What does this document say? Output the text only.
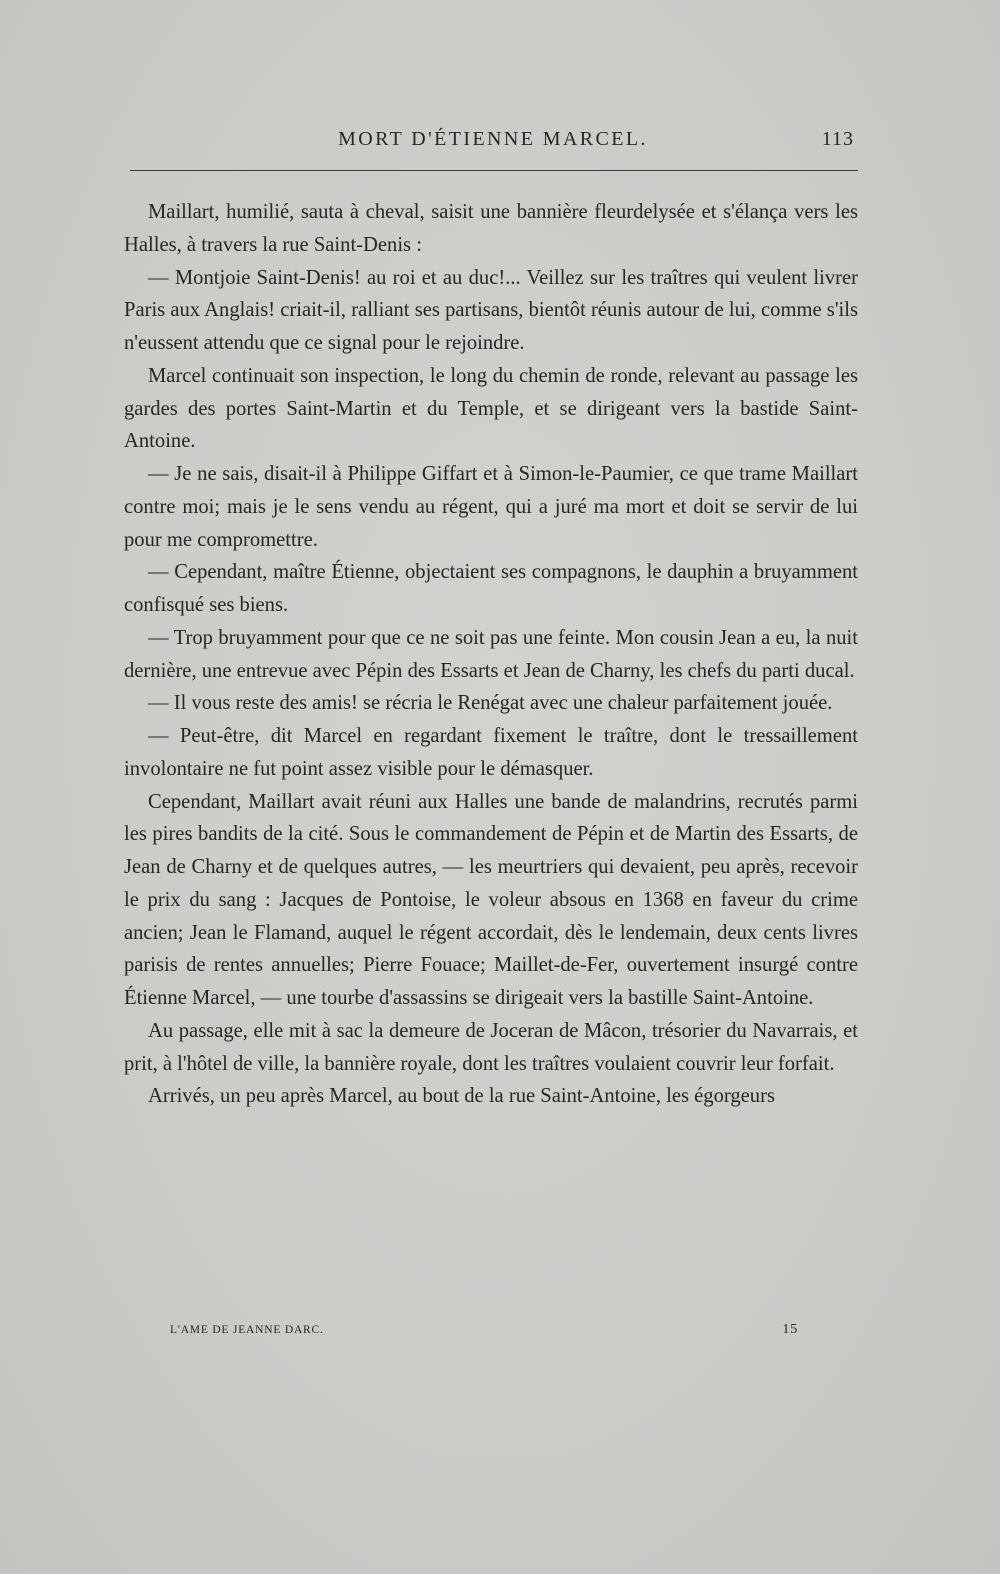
MORT D'ÉTIENNE MARCEL.	113

Maillart, humilié, sauta à cheval, saisit une bannière fleurdelysée et s'élança vers les Halles, à travers la rue Saint-Denis :

— Montjoie Saint-Denis! au roi et au duc!... Veillez sur les traîtres qui veulent livrer Paris aux Anglais! criait-il, ralliant ses partisans, bientôt réunis autour de lui, comme s'ils n'eussent attendu que ce signal pour le rejoindre.

Marcel continuait son inspection, le long du chemin de ronde, relevant au passage les gardes des portes Saint-Martin et du Temple, et se dirigeant vers la bastide Saint-Antoine.

— Je ne sais, disait-il à Philippe Giffart et à Simon-le-Paumier, ce que trame Maillart contre moi; mais je le sens vendu au régent, qui a juré ma mort et doit se servir de lui pour me compromettre.

— Cependant, maître Étienne, objectaient ses compagnons, le dauphin a bruyamment confisqué ses biens.

— Trop bruyamment pour que ce ne soit pas une feinte. Mon cousin Jean a eu, la nuit dernière, une entrevue avec Pépin des Essarts et Jean de Charny, les chefs du parti ducal.

— Il vous reste des amis! se récria le Renégat avec une chaleur parfaitement jouée.

— Peut-être, dit Marcel en regardant fixement le traître, dont le tressaillement involontaire ne fut point assez visible pour le démasquer.

Cependant, Maillart avait réuni aux Halles une bande de malandrins, recrutés parmi les pires bandits de la cité. Sous le commandement de Pépin et de Martin des Essarts, de Jean de Charny et de quelques autres, — les meurtriers qui devaient, peu après, recevoir le prix du sang : Jacques de Pontoise, le voleur absous en 1368 en faveur du crime ancien; Jean le Flamand, auquel le régent accordait, dès le lendemain, deux cents livres parisis de rentes annuelles; Pierre Fouace; Maillet-de-Fer, ouvertement insurgé contre Étienne Marcel, — une tourbe d'assassins se dirigeait vers la bastille Saint-Antoine.

Au passage, elle mit à sac la demeure de Joceran de Mâcon, trésorier du Navarrais, et prit, à l'hôtel de ville, la bannière royale, dont les traîtres voulaient couvrir leur forfait.

Arrivés, un peu après Marcel, au bout de la rue Saint-Antoine, les égorgeurs

L'AME DE JEANNE DARC.	15
